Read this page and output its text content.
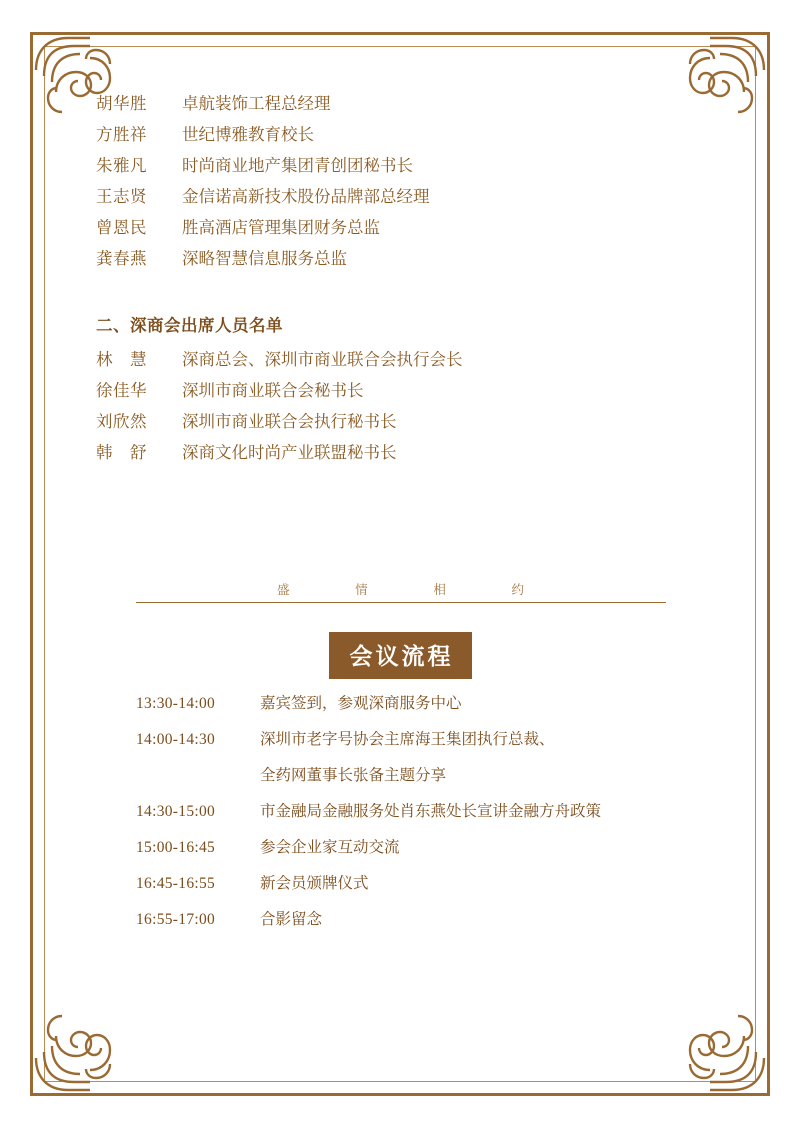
胡华胜	卓航装饰工程总经理
方胜祥	世纪博雅教育校长
朱雅凡	时尚商业地产集团青创团秘书长
王志贤	金信诺高新技术股份品牌部总经理
曾恩民	胜高酒店管理集团财务总监
龚春燕	深略智慧信息服务总监
二、深商会出席人员名单
林　慧	深商总会、深圳市商业联合会执行会长
徐佳华	深圳市商业联合会秘书长
刘欣然	深圳市商业联合会执行秘书长
韩　舒	深商文化时尚产业联盟秘书长
盛	情	相	约
会议流程
13:30-14:00	嘉宾签到，参观深商服务中心
14:00-14:30	深圳市老字号协会主席海王集团执行总裁、
全药网董事长张备主题分享
14:30-15:00	市金融局金融服务处肖东燕处长宣讲金融方舟政策
15:00-16:45	参会企业家互动交流
16:45-16:55	新会员颁牌仪式
16:55-17:00	合影留念
